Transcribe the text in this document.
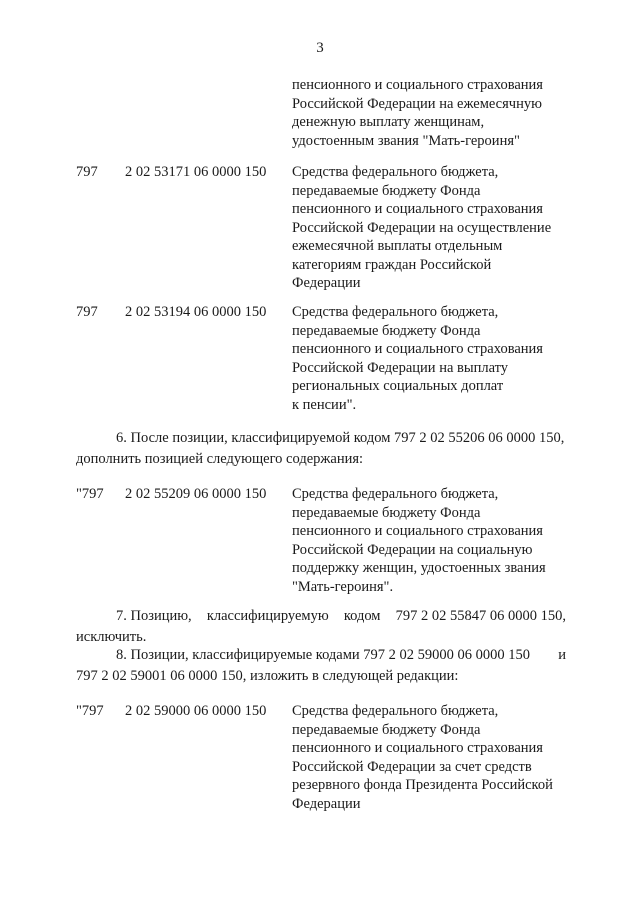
3
пенсионного и социального страхования
Российской Федерации на ежемесячную
денежную выплату женщинам,
удостоенным звания "Мать-героиня"
797 2 02 53171 06 0000 150 Средства федерального бюджета,
передаваемые бюджету Фонда
пенсионного и социального страхования
Российской Федерации на осуществление
ежемесячной выплаты отдельным
категориям граждан Российской
Федерации
797 2 02 53194 06 0000 150 Средства федерального бюджета,
передаваемые бюджету Фонда
пенсионного и социального страхования
Российской Федерации на выплату
региональных социальных доплат
к пенсии".
6. После позиции, классифицируемой кодом 797 2 02 55206 06 0000 150,
дополнить позицией следующего содержания:
"797 2 02 55209 06 0000 150 Средства федерального бюджета,
передаваемые бюджету Фонда
пенсионного и социального страхования
Российской Федерации на социальную
поддержку женщин, удостоенных звания
"Мать-героиня".
7. Позицию, классифицируемую кодом 797 2 02 55847 06 0000 150,
исключить.
8. Позиции, классифицируемые кодами 797 2 02 59000 06 0000 150 и
797 2 02 59001 06 0000 150, изложить в следующей редакции:
"797 2 02 59000 06 0000 150 Средства федерального бюджета,
передаваемые бюджету Фонда
пенсионного и социального страхования
Российской Федерации за счет средств
резервного фонда Президента Российской
Федерации
